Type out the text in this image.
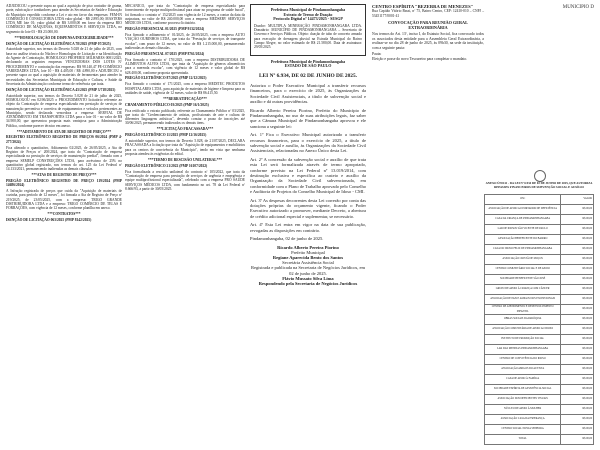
ADJUDICOU o presente supra ao qual a aquisição de piso contador de grama, porte, rubricação e tombadores para atender às Secretarias de Saúde e Educação do Município expedido conforme a Lei e ato em favor das empresas: FEM-IN COMÉRCIO E CONSULTORIA LTDA valor global - R$ 2.895,00; MASTERS LTDA ME lote 01; valor global de R$ 3.000,00 em favor da empresa BIO COMÉRCIO DE MÁQUINAS, EQUIPAMENTOS E SERVIÇOS LTDA, no segmento do lote 03 - R$ 23.000,00.

***HOMOLOGAÇÃO DE DISPENSA/INEXIGIBILIDADE***
ISENÇÃO DE LICITAÇÃO ELETRÔNICA 78/2025 (PMP 07/2025)

Autoridade superior, nos termos do Decreto 5.028 de 21 de julho de 2025, com base no análise técnica do Núcleo e Homologou de Licitação e na Identificação do Agente de Contratação, HOMOLOGO PROFERIU MILHARES 0081/2025, declarando as seguintes empresas VENCEDORAS DOS LOTES Nº PROCEDIMENTO e contratação das empresas: R$ 98.140,47 PE-COMÉRCIO VARIEDADES LTDA, lote 10 - R$ 4.405,00 / R$ 4.890,00 e ADJUDICOU o presente supra ao qual a aquisição de materiais de ferramentas para atender às necessidades das Secretarias Municipais de Educação e Cultura, e Saúde da Secretaria da Administração conforme termo de referência que trata.

ISENÇÃO DE LICITAÇÃO ELETRÔNICA 45/2025 (PMP 3/718/2025)

Autoridade superior, nos termos do Decreto 5.028 de 21 de julho de 2025, HOMOLOGOU em 02/06/2025 o PROCEDIMENTO licitatório referente ao objeto da Contratação de empresa especializada em prestação de serviços de manutenção preventiva e corretiva de equipamentos e veículos pertencentes ao Município, sendo declarada vencedora a empresa: SERVIAL DE ATENDIMENTO EM TRANSPORTES LTDA para o lote 01 - no valor de R$ 34.900,00, que apresentou proposta mais vantajosa para a Administração Pública, conforme parecer técnico em anexo.

***ADITAMENTO DE ATA DE REGISTRO DE PREÇO***
REGISTRO ELETRÔNICO REGISTRO DE PREÇOS 06/2024 (PMP 4-277/2024)

Fica alterado o quantitativo, Aditamento 02/2025, de 26/05/2025, a Ata de Registro de Preços nº 200/2024, que trata do "Contratação de empresa especializada na prestação de serviços de manutenção predial", firmada com a empresa SEMELP CONSTRUÇÕES LTDA, para acréscimo de 25% no quantitativo global registrado, nos termos do art. 125 da Lei Federal nº 14.133/2021, permanecendo inalteradas as demais cláusulas.

***ATAS DE REGISTRO DE PREÇO***
PREGÃO ELETRÔNICO REGISTRO DE PREÇO 119/2024 (PMP 14686/2024)

A Infração registrada de preços que cuida da "Aquisição de materiais de cozinha, para período de 12 meses", foi firmada a Ata de Registro de Preço nº 219/2025, de 23/05/2025, com a empresa: TRIGO GRANDE DISTRIBUIDORA LTDA e a empresa: TRIGO COMÉRCIO DE TELAS E FORRAÇÕES, com vigência de 12 meses, conforme planilha em anexo.

***CONTRATOS***
ISENÇÃO DE LICITAÇÃO 063/2025 (PMP 8142/2025)

MECÂNICO, que trata do "Contratação de empresa especializada para fornecimento de equipe multiprofissional para atuar no programa de saúde bucal", foi firmado o contrato nº 152/2025 com vigência de 12 meses, a contar da data da assinatura, no valor de R$ 240.000,00 com a empresa MEDSERV SERVIÇOS MÉDICOS LTDA, conforme processo licitatório.

PREGÃO PRESENCIAL 01/2025 (PMP 9132/2024)

Fica firmado o aditamento nº 01/2025, de 26/05/2025, com a empresa AUTO VIAÇÃO OURINHOS LTDA, que trata da "Prestação de serviços de transporte escolar", com prazo de 12 meses, no valor de R$ 1.215.000,00, permanecendo inalteradas as demais cláusulas.

PREGÃO PRESENCIAL 07/2025 (PMP 8761/2024)

Fica firmado o contrato nº 170/2025, com a empresa DISTRIBUIDORA DE ALIMENTOS ALVES LTDA, que trata da "Aquisição de gêneros alimentícios para a merenda escolar", com vigência de 12 meses e valor global de R$ 628.400,00, conforme proposta apresentada.

PREGÃO ELETRÔNICO 87/2025 (PMP 12/12/2025)

Fica firmado o contrato nº 171/2025, com a empresa MEDITEC PRODUTOS HOSPITALARES LTDA, para aquisição de materiais de higiene e limpeza para as unidades de saúde, vigência de 12 meses, valor de R$ 86.415,50.

***RERRATIFICAÇÃO***
CHAMAMENTO PÚBLICO 03/2025 (PMP 16/1/2025)

Fica retificado o extrato publicado, referente ao Chamamento Público nº 03/2025, que trata do "Credenciamento de artistas, profissionais de arte e cultura de diferentes linguagens artísticas", devendo constar o prazo de inscrições até 30/06/2025, permanecendo inalterados os demais itens.

***LICITAÇÃO FRACASSADA***
PREGÃO ELETRÔNICO 11/2025 (PMP 12/16/2025)

A autoridade superior, nos termos do Decreto 5.028, de 21/07/2025, DECLARA FRACASSADA a licitação que trata da "Aquisição de equipamentos e mobiliários para os centros de convivência do Município", tendo em vista que nenhuma proposta atendeu às exigências do edital.

***TERMO DE RESCISÃO UNILATERAL***
PREGÃO ELETRÔNICO 21/2022 (PMP 16107/2022)

Fica formalizada a rescisão unilateral do contrato nº 105/2022, que trata da "Contratação de empresa para prestação de serviços de urgência e emergência e equipe multiprofissional especializada", celebrado com a empresa PRÓ SAÚDE SERVIÇOS MÉDICOS LTDA, com fundamento no art. 78 da Lei Federal nº 8.666/93, a partir de 30/05/2025.

Prefeitura Municipal de Pindamonhangaba
Extrato de Termo de Doação
Protocolo Digital nº 14473/2025 - SESGP

Doador: MULTIPLA MINERAÇÃO PINDAMONHANGABA LTDA. Donatário: MUNICÍPIO DE PINDAMONHANGABA – Secretaria de Governo e Serviços Públicos. Objeto: doação de tubo de concreto armado para execução de drenagem pluvial na Estrada Municipal do Bairro Campo Alegre, no valor estimado de R$ 21.580,00. Data de assinatura: 29/05/2025.

Prefeitura Municipal de Pindamonhangaba
ESTADO DE SÃO PAULO
LEI Nº 6.934, DE 02 DE JUNHO DE 2025.

Autoriza o Poder Executivo Municipal a transferir recursos financeiros, para o exercício de 2025, às Organizações da Sociedade Civil Assistenciais, a título de subvenção social e auxílio e dá outras providências.

Ricardo Alberto Pereira Piorino, Prefeito do Município de Pindamonhangaba, no uso de suas atribuições legais, faz saber que a Câmara Municipal de Pindamonhangaba aprovou e ele sanciona a seguinte lei:

Art. 1º Fica o Executivo Municipal autorizado a transferir recursos financeiros, para o exercício de 2025, a título de subvenção social e auxílio, às Organizações da Sociedade Civil Assistenciais, relacionadas no Anexo Único desta Lei.

Art. 2º A concessão da subvenção social e auxílio de que trata esta Lei será formalizada através de termo apropriado, conforme previsto na Lei Federal nº 13.019/2014, com destinação exclusiva e específica ao custeio e auxílio da Organização da Sociedade Civil subvencionada, em conformidade com o Plano de Trabalho aprovado pelo Conselho e Auditoria de Projetos do Conselho Municipal de Idoso - CMI.

Art. 3º As despesas decorrentes desta Lei correrão por conta das dotações próprias do orçamento vigente, ficando o Poder Executivo autorizado a promover, mediante Decreto, a abertura de crédito adicional especial e suplementar, se necessário.

Art. 4º Esta Lei entra em vigor na data de sua publicação, revogadas as disposições em contrário.

Pindamonhangaba, 02 de junho de 2025.

Ricardo Alberto Pereira Piorino
Prefeito Municipal
Regiane Aparecida Bento dos Santos
Secretária Assistência Social
Registrada e publicada na Secretaria de Negócios Jurídicos, em 02 de junho de 2025.
Flávio Mussato Silva Lima
Respondendo pela Secretaria de Negócios Jurídicos
CENTRO ESPÍRITA "BEZERRA DE MENEZES"
Rua Capitão Vitório Bassi, nº 75, Bairro Centro, CEP: 12410-010 – CNPJ – 53451177/0001-41
CONVOCAÇÃO PARA REUNIÃO GERAL EXTRAORDINÁRIA

Nos termos do Art. 13º, inciso I, do Estatuto Social, fica convocado todos os associados desta entidade para a Assembleia Geral Extraordinária, a realizar-se no dia 28 de junho de 2025, às 09h30, na sede da instituição, com a seguinte pauta:

Pauta:

Eleição e posse do novo Tesoureiro para completar o mandato.

MUNICÍPIO D
ANEXO ÚNICO - DA LEI Nº 6.934 DE 02 DE JUNHO DE 2025, QUE AUTORIZA REPASSES FINANCEIROS DE SUBVENÇÃO SOCIAL E AUXÍLIO
OSC	VALOR
ASSOCIAÇÃO DE APOIO AO PORTADOR DE DEFICIÊNCIA	R$ 00,00
CASA DA CRIANÇA DE PINDAMONHANGABA	R$ 00,00
LAR DE IDOSOS SÃO VICENTE DE PAULO	R$ 00,00
ASSOCIAÇÃO BENEFICENTE DO BAIRRO	R$ 00,00
CASA DO IDOSO FELIZ DE PINDAMONHANGABA	R$ 00,00
ASSOCIAÇÃO CRISTÃ DE MOÇOS	R$ 00,00
CENTRO COMUNITÁRIO SOCIAL E DE APOIO	R$ 00,00
SOCIEDADE BENEFICENTE SÃO JOSÉ	R$ 00,00
GRUPO DE APOIO À CRIANÇA COM CÂNCER	R$ 00,00
ASSOCIAÇÃO DE PAIS E AMIGOS DOS EXCEPCIONAIS	R$ 00,00
CENTRO DE ATENDIMENTO E DESENVOLVIMENTO INFANTIL	R$ 00,00
OBRAS SOCIAIS DA PARÓQUIA	R$ 00,00
ASSOCIAÇÃO COMUNITÁRIA DE APOIO AO IDOSO	R$ 00,00
INSTITUTO DE PROMOÇÃO SOCIAL	R$ 00,00
LAR DAS MENINAS PINDAMONHANGABA	R$ 00,00
CENTRO DE CONVIVÊNCIA DO IDOSO	R$ 00,00
ASSOCIAÇÃO AMIGOS DO AUTISTA	R$ 00,00
CASA DE APOIO À FAMÍLIA	R$ 00,00
SOCIEDADE ESPÍRITA DE ASSISTÊNCIA SOCIAL	R$ 00,00
ASSOCIAÇÃO DOS DEFICIENTES VISUAIS	R$ 00,00
NÚCLEO DE APOIO À MULHER	R$ 00,00
ASSOCIAÇÃO CASA DA ESPERANÇA	R$ 00,00
CENTRO SOCIAL NOSSA SENHORA	R$ 00,00
TOTAL	R$ 00,00
